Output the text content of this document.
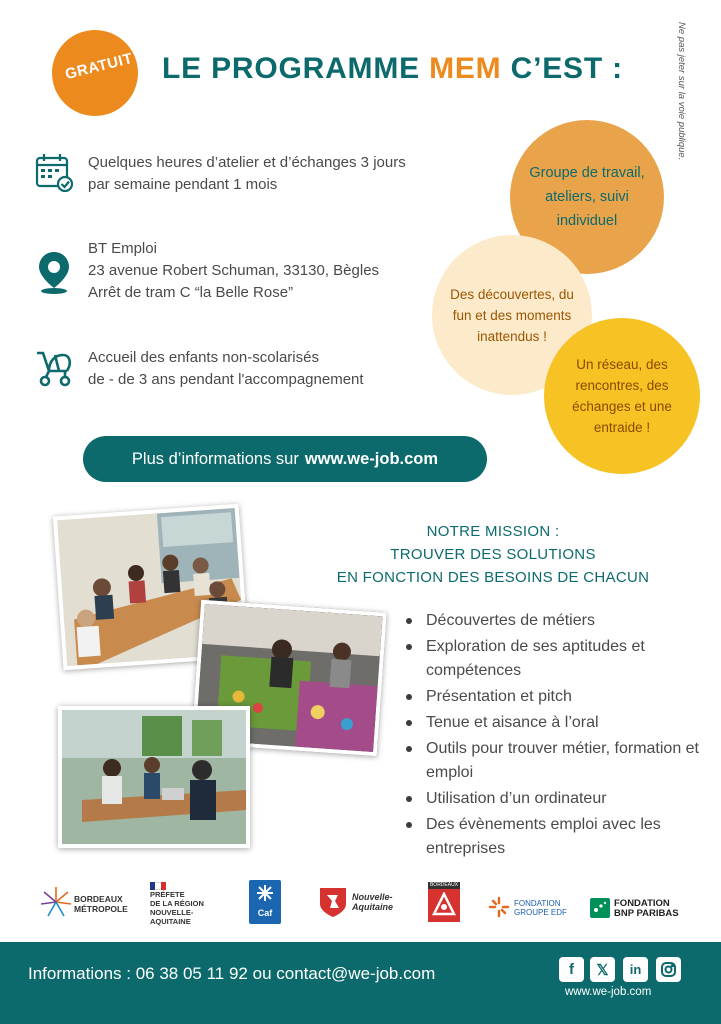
GRATUIT LE PROGRAMME MEM C’EST :	Ne pas jeter sur la voie publique.
Quelques heures d’atelier et d’échanges 3 jours
par semaine pendant 1 mois
BT Emploi
23 avenue Robert Schuman, 33130, Bègles
Arrêt de tram C “la Belle Rose”
Accueil des enfants non-scolarisés
de - de 3 ans pendant l'accompagnement
Groupe de travail, ateliers, suivi individuel
Des découvertes, du fun et des moments inattendus !
Un réseau, des rencontres, des échanges et une entraide !
Plus d’informations sur www.we-job.com
NOTRE MISSION :
TROUVER DES SOLUTIONS
EN FONCTION DES BESOINS DE CHACUN
Découvertes de métiers
Exploration de ses aptitudes et compétences
Présentation et pitch
Tenue et aisance à l’oral
Outils pour trouver métier, formation et emploi
Utilisation d’un ordinateur
Des évènements emploi avec les entreprises
BORDEAUX
MÉTROPOLE
PRÉFETE
DE LA RÉGION
NOUVELLE-AQUITAINE
Caf
Nouvelle-
Aquitaine
BORDEAUX
FONDATION
GROUPE EDF
FONDATION
BNP PARIBAS
Informations : 06 38 05 11 92 ou contact@we-job.com	f	𝕏	in
www.we-job.com
